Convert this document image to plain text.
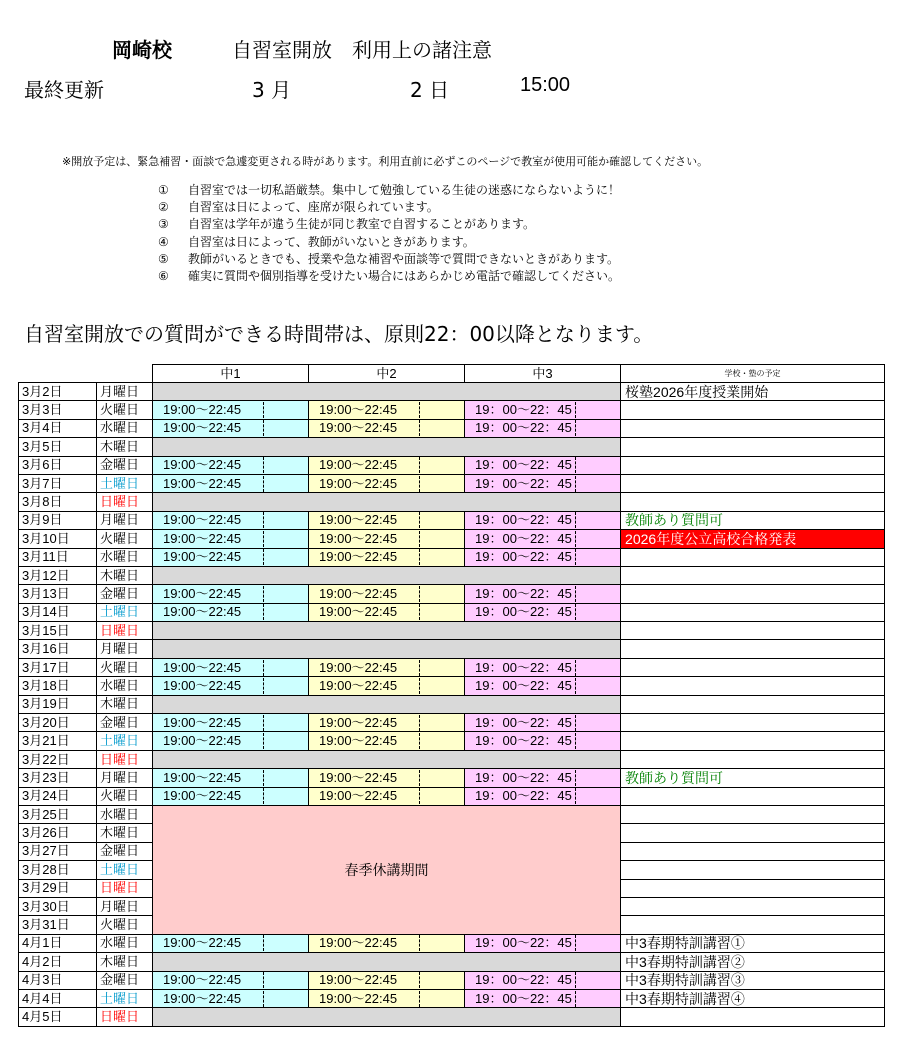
岡崎校	自習室開放　利用上の諸注意
最終更新	3 月	2 日	15:00
※開放予定は、緊急補習・面談で急遽変更される時があります。利用直前に必ずこのページで教室が使用可能か確認してください。
① 自習室では一切私語厳禁。集中して勉強している生徒の迷惑にならないように！
② 自習室は日によって、座席が限られています。
③ 自習室は学年が違う生徒が同じ教室で自習することがあります。
④ 自習室は日によって、教師がいないときがあります。
⑤ 教師がいるときでも、授業や急な補習や面談等で質問できないときがあります。
⑥ 確実に質問や個別指導を受けたい場合にはあらかじめ電話で確認してください。
自習室開放での質問ができる時間帯は、原則22：00以降となります。
		中1	中2	中3	学校・塾の予定
3月2日	月曜日				桜塾2026年度授業開始
3月3日	火曜日	19:00～22:45	19:00～22:45	19：00～22：45	
3月4日	水曜日	19:00～22:45	19:00～22:45	19：00～22：45	
3月5日	木曜日				
3月6日	金曜日	19:00～22:45	19:00～22:45	19：00～22：45	
3月7日	土曜日	19:00～22:45	19:00～22:45	19：00～22：45	
3月8日	日曜日				
3月9日	月曜日	19:00～22:45	19:00～22:45	19：00～22：45	教師あり質問可
3月10日	火曜日	19:00～22:45	19:00～22:45	19：00～22：45	2026年度公立高校合格発表
3月11日	水曜日	19:00～22:45	19:00～22:45	19：00～22：45	
3月12日	木曜日				
3月13日	金曜日	19:00～22:45	19:00～22:45	19：00～22：45	
3月14日	土曜日	19:00～22:45	19:00～22:45	19：00～22：45	
3月15日	日曜日				
3月16日	月曜日				
3月17日	火曜日	19:00～22:45	19:00～22:45	19：00～22：45	
3月18日	水曜日	19:00～22:45	19:00～22:45	19：00～22：45	
3月19日	木曜日				
3月20日	金曜日	19:00～22:45	19:00～22:45	19：00～22：45	
3月21日	土曜日	19:00～22:45	19:00～22:45	19：00～22：45	
3月22日	日曜日				
3月23日	月曜日	19:00～22:45	19:00～22:45	19：00～22：45	教師あり質問可
3月24日	火曜日	19:00～22:45	19:00～22:45	19：00～22：45	
3月25日	水曜日	春季休講期間			
3月26日	木曜日				
3月27日	金曜日				
3月28日	土曜日				
3月29日	日曜日				
3月30日	月曜日				
3月31日	火曜日				
4月1日	水曜日	19:00～22:45	19:00～22:45	19：00～22：45	中3春期特訓講習①
4月2日	木曜日				中3春期特訓講習②
4月3日	金曜日	19:00～22:45	19:00～22:45	19：00～22：45	中3春期特訓講習③
4月4日	土曜日	19:00～22:45	19:00～22:45	19：00～22：45	中3春期特訓講習④
4月5日	日曜日				
